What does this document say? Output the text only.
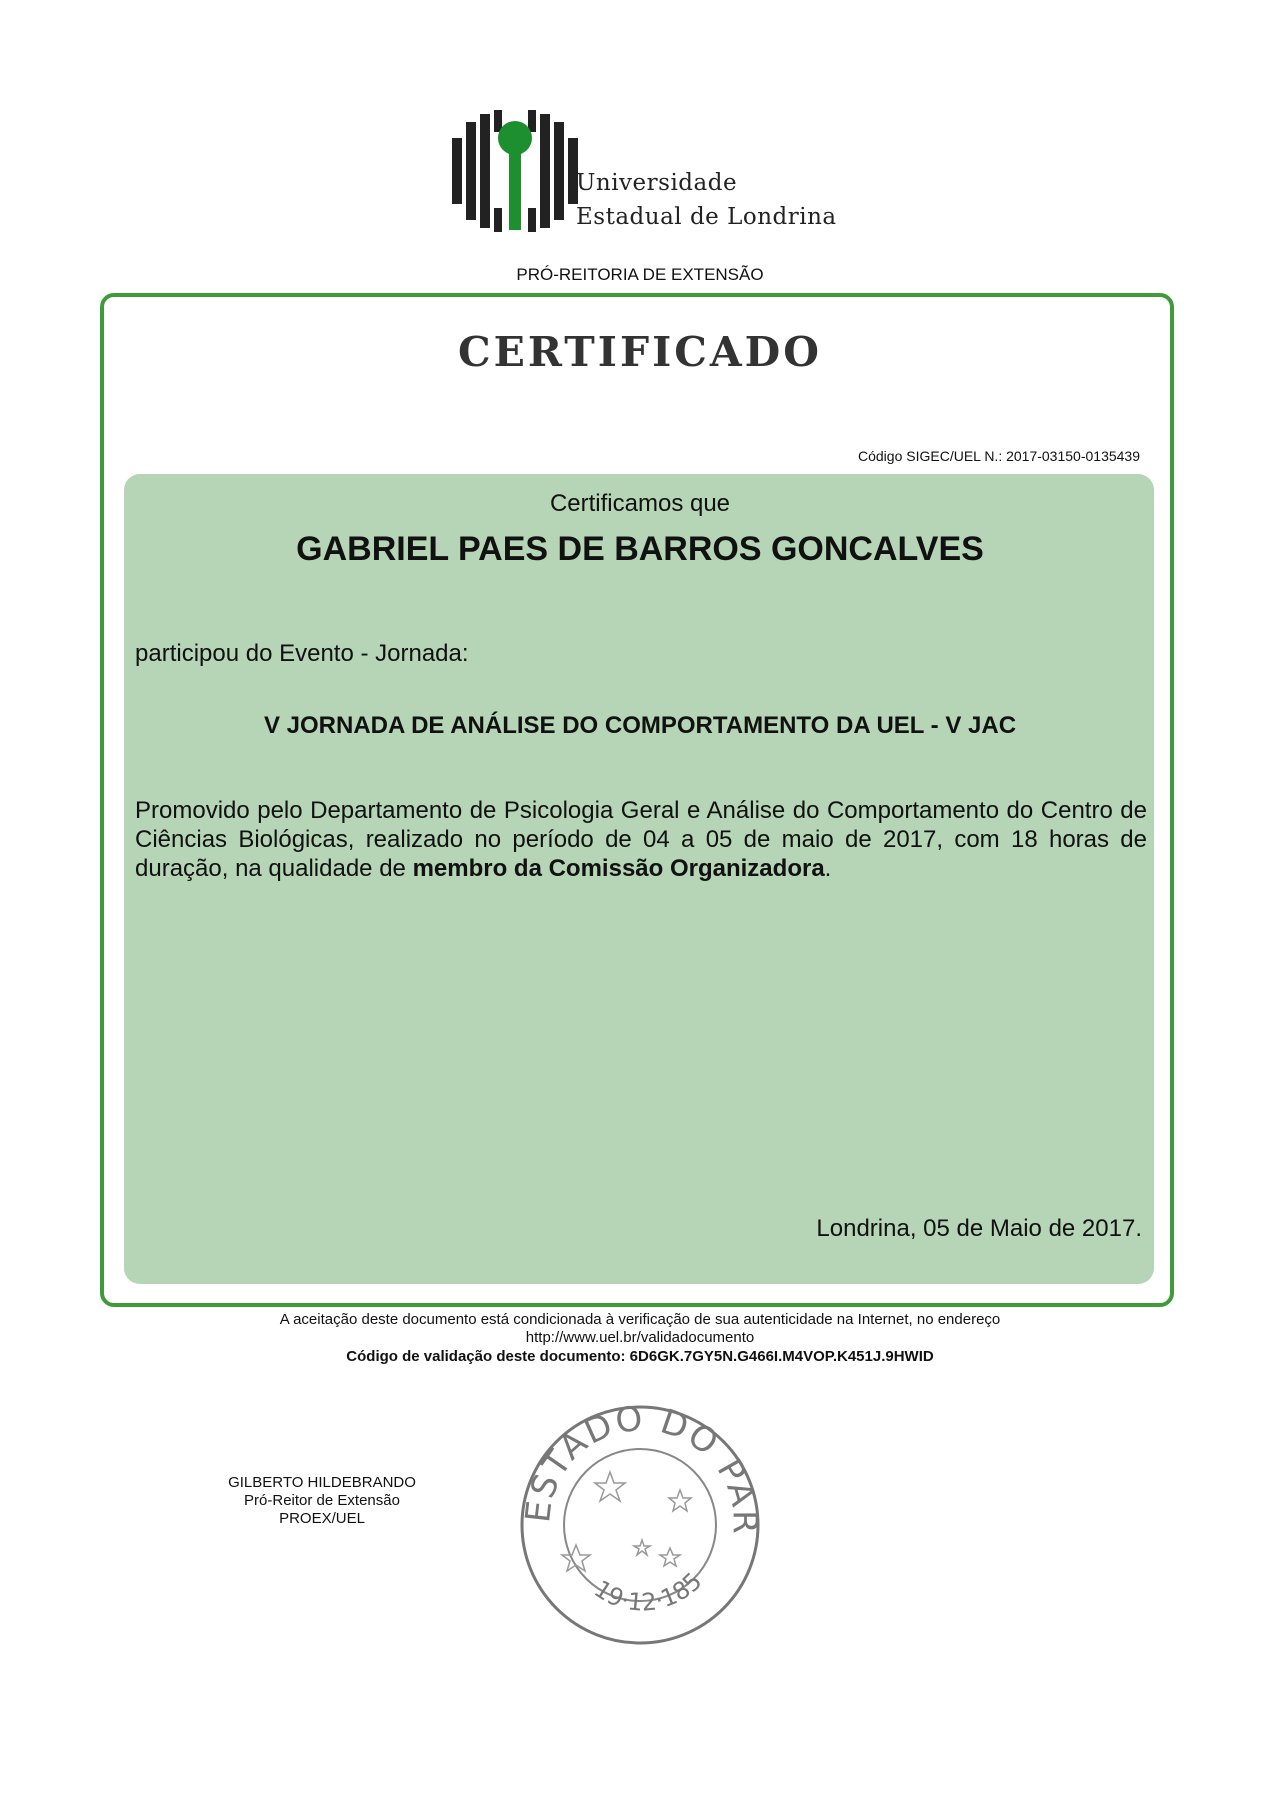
Universidade
Estadual de Londrina
PRÓ-REITORIA DE EXTENSÃO
certificado
Código SIGEC/UEL N.: 2017-03150-0135439
Certificamos que
GABRIEL PAES DE BARROS GONCALVES
participou do Evento - Jornada:
V JORNADA DE ANÁLISE DO COMPORTAMENTO DA UEL - V JAC
Promovido pelo Departamento de Psicologia Geral e Análise do Comportamento do Centro de Ciências Biológicas, realizado no período de 04 a 05 de maio de 2017, com 18 horas de duração, na qualidade de membro da Comissão Organizadora.
Londrina, 05 de Maio de 2017.
A aceitação deste documento está condicionada à verificação de sua autenticidade na Internet, no endereço
http://www.uel.br/validadocumento
Código de validação deste documento: 6D6GK.7GY5N.G466I.M4VOP.K451J.9HWID
GILBERTO HILDEBRANDO
Pró-Reitor de Extensão
PROEX/UEL	ESTADO DO PAR
19·12·185
